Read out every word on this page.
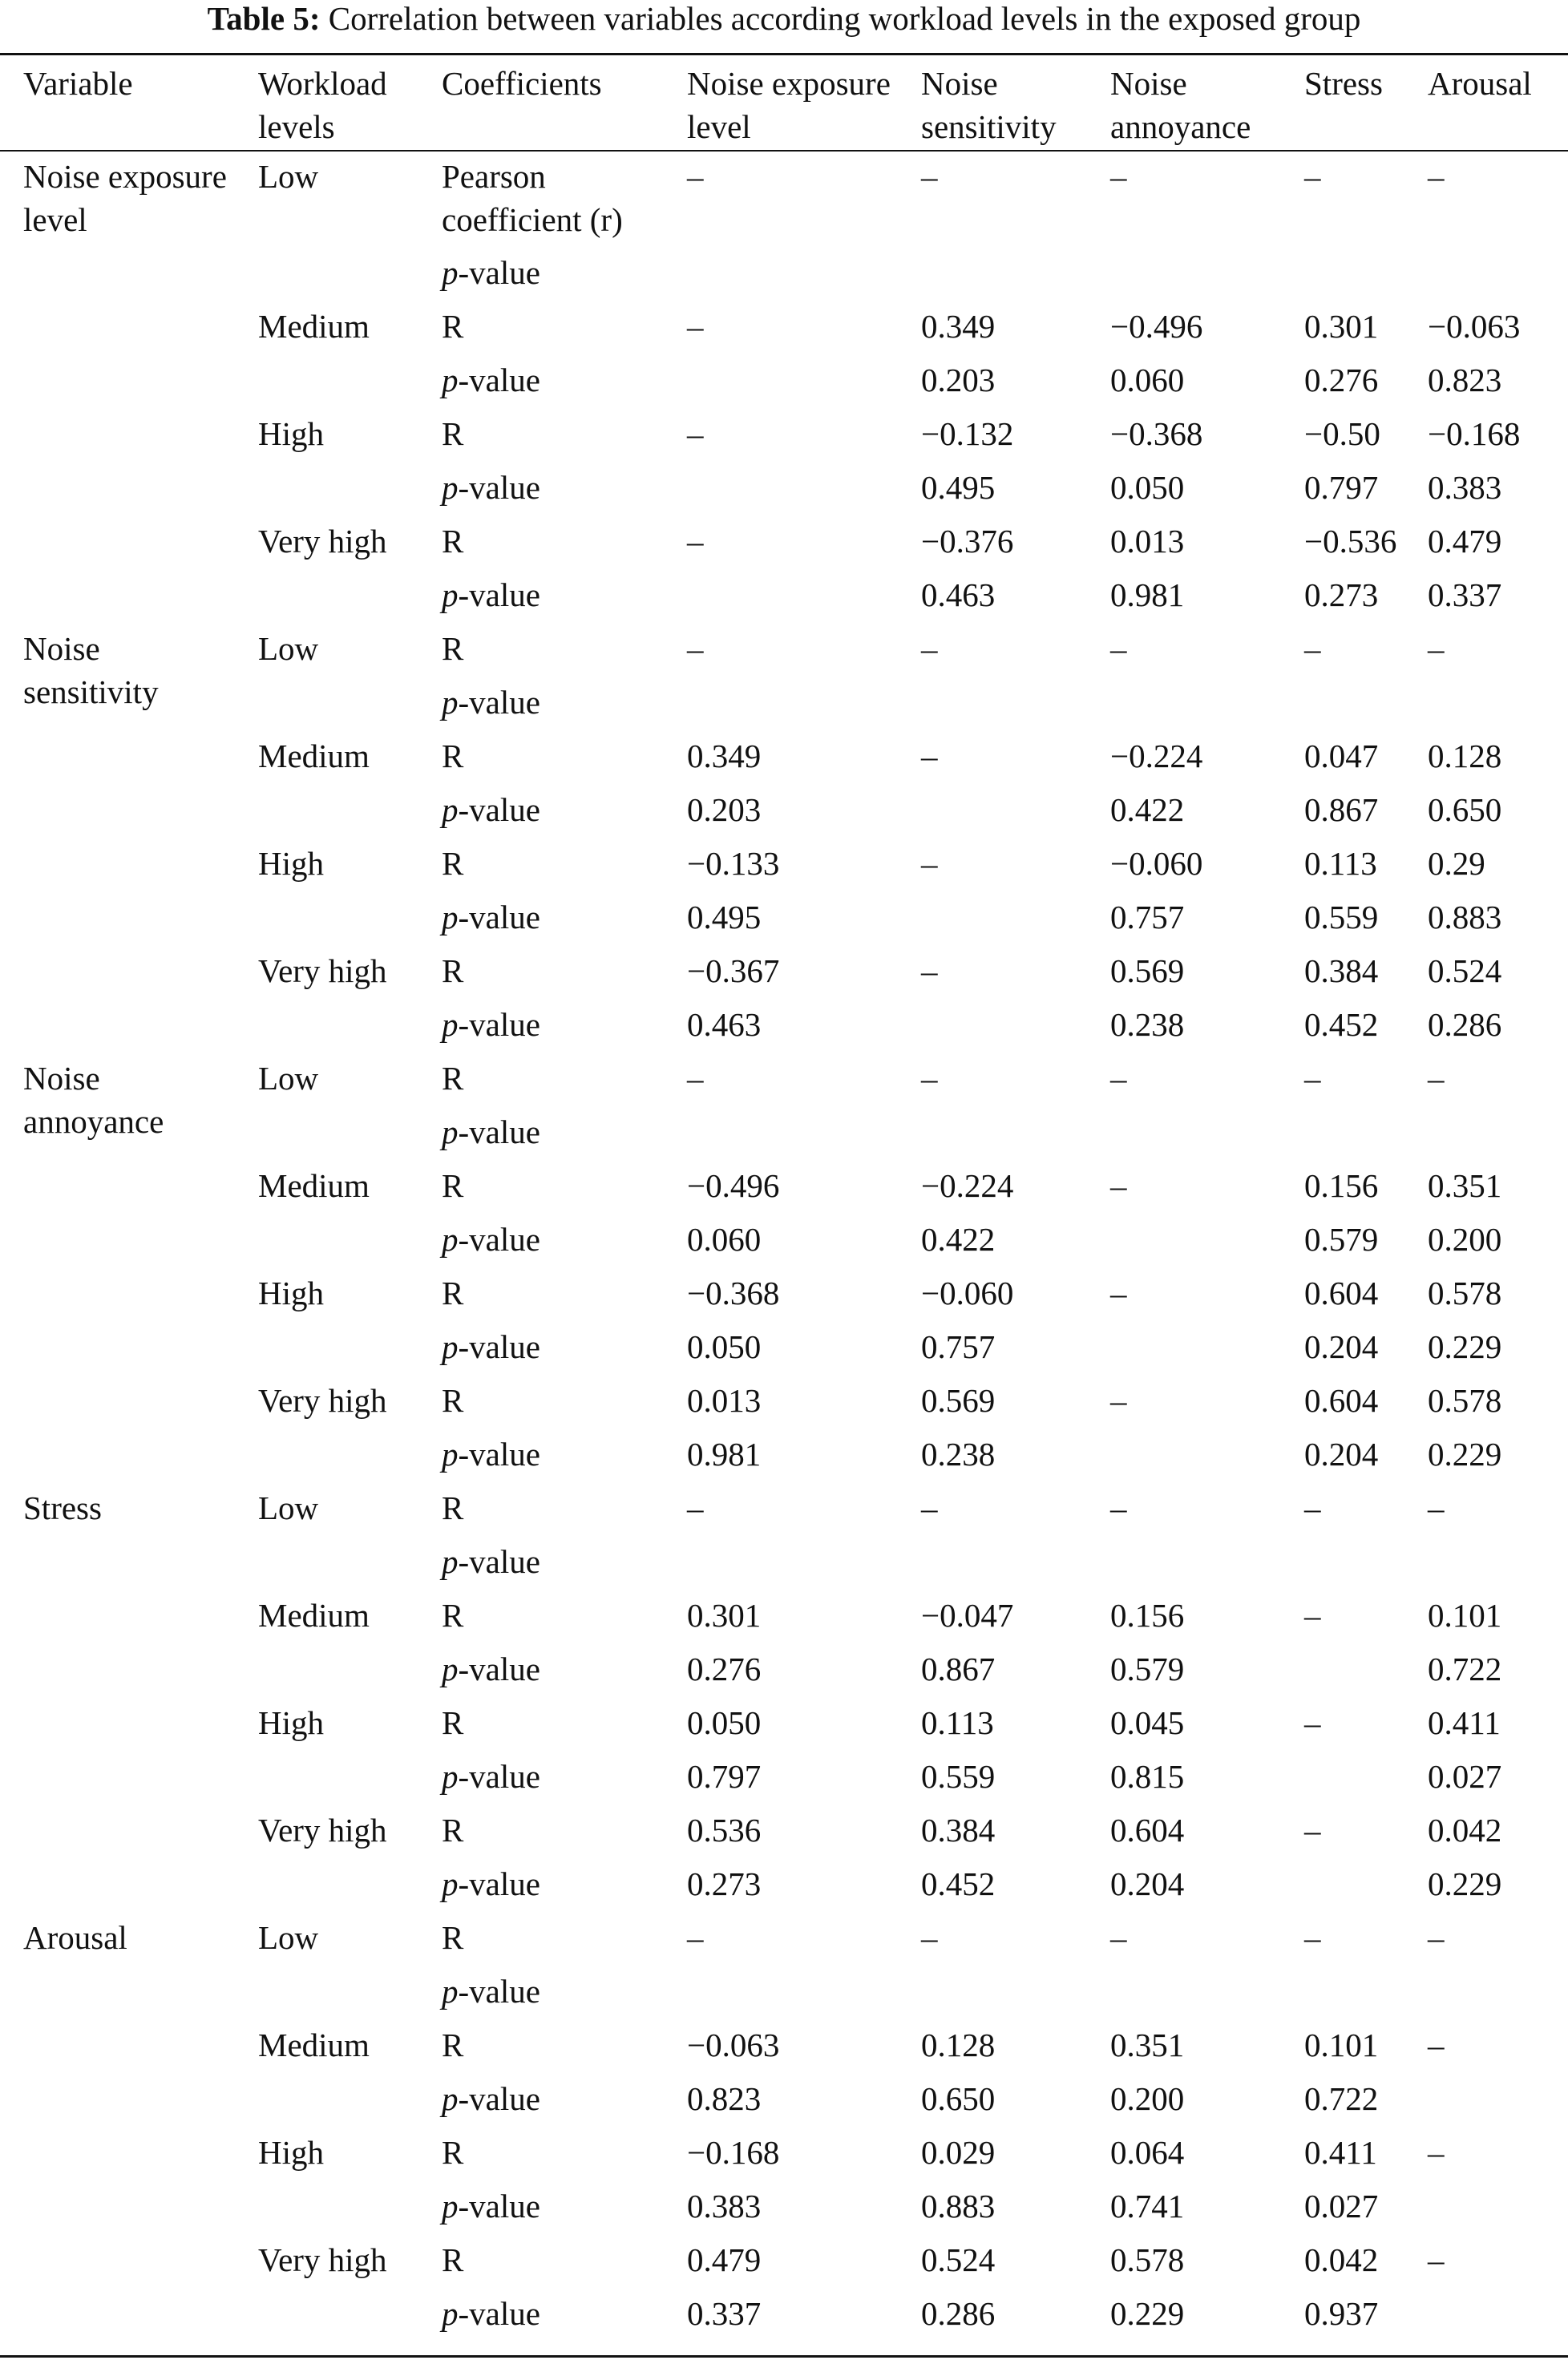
Table 5: Correlation between variables according workload levels in the exposed group
Variable	Workload levels	Coefficients	Noise exposure level	Noise sensitivity	Noise annoyance	Stress	Arousal

Noise exposure level	Low	Pearson coefficient (r)	–	–	–	–	–
		p-value					
	Medium	R	–	0.349	−0.496	0.301	−0.063
		p-value		0.203	0.060	0.276	0.823
	High	R	–	−0.132	−0.368	−0.50	−0.168
		p-value		0.495	0.050	0.797	0.383
	Very high	R	–	−0.376	0.013	−0.536	0.479
		p-value		0.463	0.981	0.273	0.337

Noise sensitivity	Low	R	–	–	–	–	–
		p-value					
	Medium	R	0.349	–	−0.224	0.047	0.128
		p-value	0.203		0.422	0.867	0.650
	High	R	−0.133	–	−0.060	0.113	0.29
		p-value	0.495		0.757	0.559	0.883
	Very high	R	−0.367	–	0.569	0.384	0.524
		p-value	0.463		0.238	0.452	0.286

Noise annoyance	Low	R	–	–	–	–	–
		p-value					
	Medium	R	−0.496	−0.224	–	0.156	0.351
		p-value	0.060	0.422		0.579	0.200
	High	R	−0.368	−0.060	–	0.604	0.578
		p-value	0.050	0.757		0.204	0.229
	Very high	R	0.013	0.569	–	0.604	0.578
		p-value	0.981	0.238		0.204	0.229

Stress	Low	R	–	–	–	–	–
		p-value					
	Medium	R	0.301	−0.047	0.156	–	0.101
		p-value	0.276	0.867	0.579		0.722
	High	R	0.050	0.113	0.045	–	0.411
		p-value	0.797	0.559	0.815		0.027
	Very high	R	0.536	0.384	0.604	–	0.042
		p-value	0.273	0.452	0.204		0.229

Arousal	Low	R	–	–	–	–	–
		p-value					
	Medium	R	−0.063	0.128	0.351	0.101	–
		p-value	0.823	0.650	0.200	0.722	
	High	R	−0.168	0.029	0.064	0.411	–
		p-value	0.383	0.883	0.741	0.027	
	Very high	R	0.479	0.524	0.578	0.042	–
		p-value	0.337	0.286	0.229	0.937	
